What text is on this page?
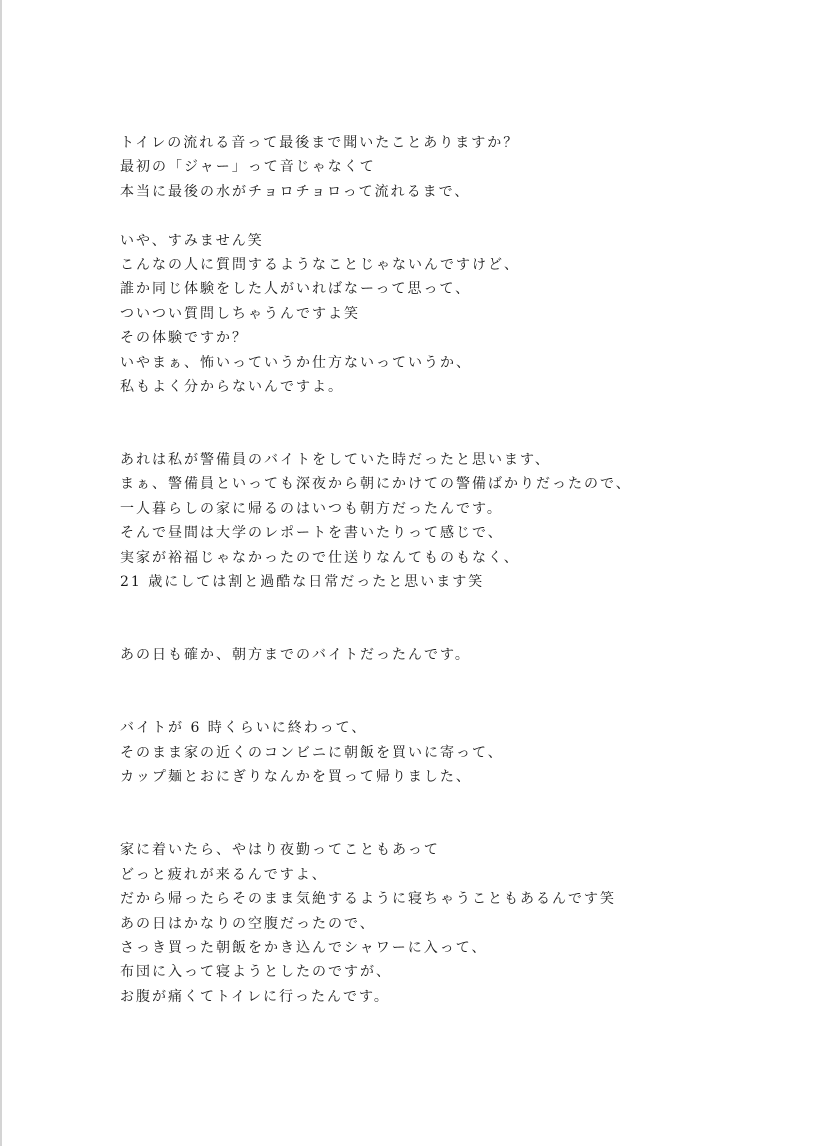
トイレの流れる音って最後まで聞いたことありますか？
最初の「ジャー」って音じゃなくて
本当に最後の水がチョロチョロって流れるまで、
いや、すみません笑
こんなの人に質問するようなことじゃないんですけど、
誰か同じ体験をした人がいればなーって思って、
ついつい質問しちゃうんですよ笑
その体験ですか？
いやまぁ、怖いっていうか仕方ないっていうか、
私もよく分からないんですよ。
あれは私が警備員のバイトをしていた時だったと思います、
まぁ、警備員といっても深夜から朝にかけての警備ばかりだったので、
一人暮らしの家に帰るのはいつも朝方だったんです。
そんで昼間は大学のレポートを書いたりって感じで、
実家が裕福じゃなかったので仕送りなんてものもなく、
21 歳にしては割と過酷な日常だったと思います笑
あの日も確か、朝方までのバイトだったんです。
バイトが 6 時くらいに終わって、
そのまま家の近くのコンビニに朝飯を買いに寄って、
カップ麺とおにぎりなんかを買って帰りました、
家に着いたら、やはり夜勤ってこともあって
どっと疲れが来るんですよ、
だから帰ったらそのまま気絶するように寝ちゃうこともあるんです笑
あの日はかなりの空腹だったので、
さっき買った朝飯をかき込んでシャワーに入って、
布団に入って寝ようとしたのですが、
お腹が痛くてトイレに行ったんです。
